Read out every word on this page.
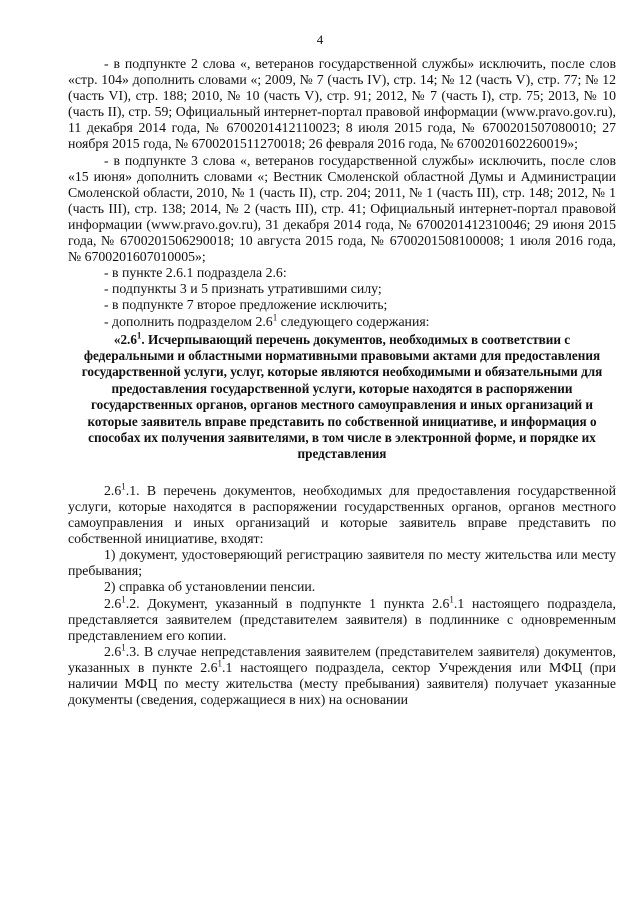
4

- в подпункте 2 слова «, ветеранов государственной службы» исключить, после слов «стр. 104» дополнить словами «; 2009, № 7 (часть IV), стр. 14; № 12 (часть V), стр. 77; № 12 (часть VI), стр. 188; 2010, № 10 (часть V), стр. 91; 2012, № 7 (часть I), стр. 75; 2013, № 10 (часть II), стр. 59; Официальный интернет-портал правовой информации (www.pravo.gov.ru), 11 декабря 2014 года, № 6700201412110023; 8 июля 2015 года, № 6700201507080010; 27 ноября 2015 года, № 6700201511270018; 26 февраля 2016 года, № 6700201602260019»;

- в подпункте 3 слова «, ветеранов государственной службы» исключить, после слов «15 июня» дополнить словами «; Вестник Смоленской областной Думы и Администрации Смоленской области, 2010, № 1 (часть II), стр. 204; 2011, № 1 (часть III), стр. 148; 2012, № 1 (часть III), стр. 138; 2014, № 2 (часть III), стр. 41; Официальный интернет-портал правовой информации (www.pravo.gov.ru), 31 декабря 2014 года, № 6700201412310046; 29 июня 2015 года, № 6700201506290018; 10 августа 2015 года, № 6700201508100008; 1 июля 2016 года, № 6700201607010005»;

- в пункте 2.6.1 подраздела 2.6:

- подпункты 3 и 5 признать утратившими силу;

- в подпункте 7 второе предложение исключить;

- дополнить подразделом $2.6^1$ следующего содержания:

«$2.6^1$. Исчерпывающий перечень документов, необходимых в соответствии с федеральными и областными нормативными правовыми актами для предоставления государственной услуги, услуг, которые являются необходимыми и обязательными для предоставления государственной услуги, которые находятся в распоряжении государственных органов, органов местного самоуправления и иных организаций и которые заявитель вправе представить по собственной инициативе, и информация о способах их получения заявителями, в том числе в электронной форме, и порядке их представления

$2.6^1.1$. В перечень документов, необходимых для предоставления государственной услуги, которые находятся в распоряжении государственных органов, органов местного самоуправления и иных организаций и которые заявитель вправе представить по собственной инициативе, входят:

1) документ, удостоверяющий регистрацию заявителя по месту жительства или месту пребывания;

2) справка об установлении пенсии.

$2.6^1.2$. Документ, указанный в подпункте 1 пункта $2.6^1.1$ настоящего подраздела, представляется заявителем (представителем заявителя) в подлиннике с одновременным представлением его копии.

$2.6^1.3$. В случае непредставления заявителем (представителем заявителя) документов, указанных в пункте $2.6^1.1$ настоящего подраздела, сектор Учреждения или МФЦ (при наличии МФЦ по месту жительства (месту пребывания) заявителя) получает указанные документы (сведения, содержащиеся в них) на основании
